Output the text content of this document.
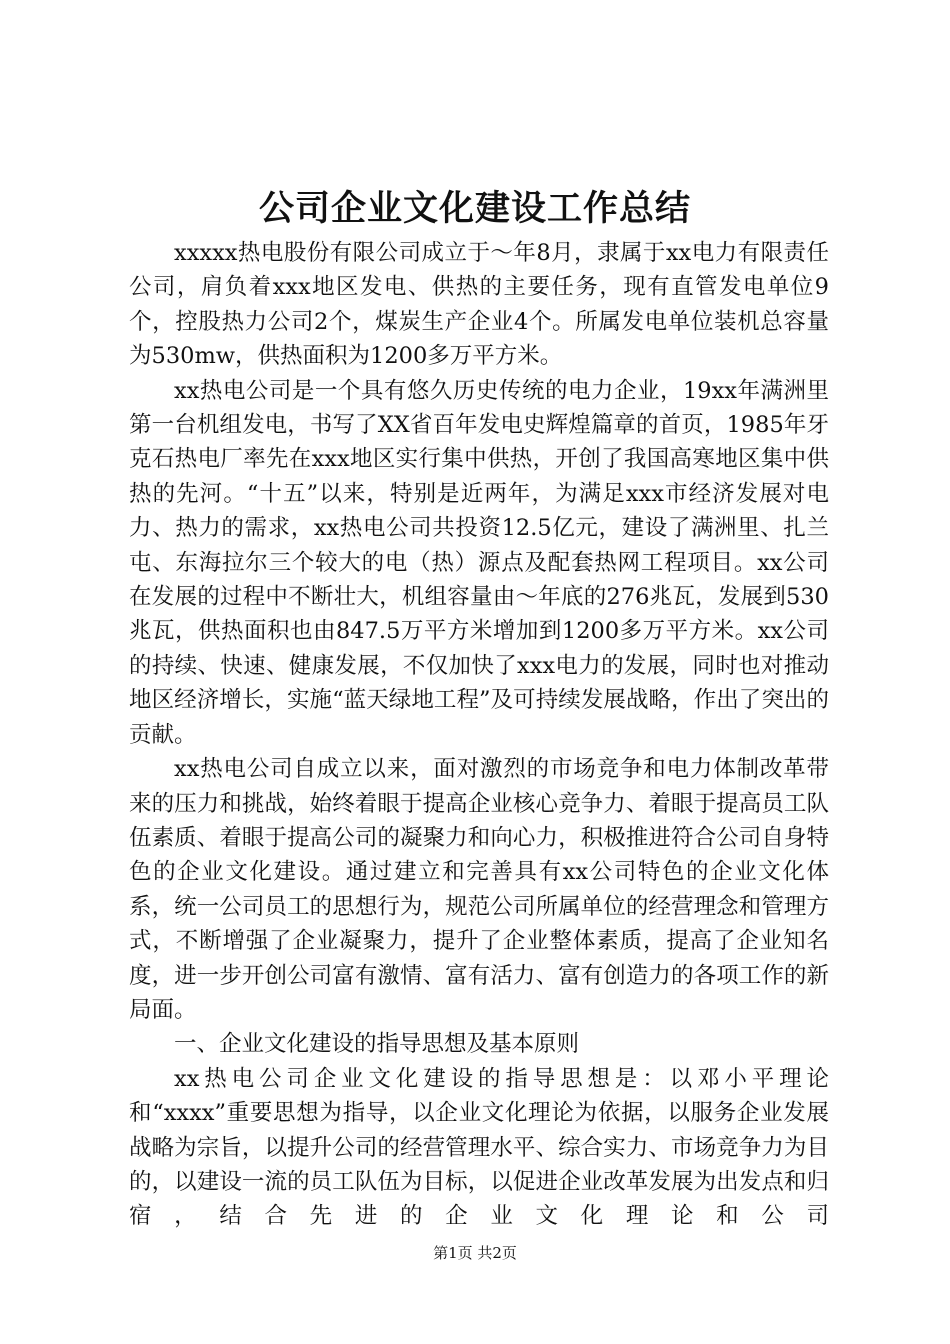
公司企业文化建设工作总结

xxxxx热电股份有限公司成立于～年8月，隶属于xx电力有限责任公司，肩负着xxx地区发电、供热的主要任务，现有直管发电单位9个，控股热力公司2个，煤炭生产企业4个。所属发电单位装机总容量为530mw，供热面积为1200多万平方米。

xx热电公司是一个具有悠久历史传统的电力企业，19xx年满洲里第一台机组发电，书写了XX省百年发电史辉煌篇章的首页，1985年牙克石热电厂率先在xxx地区实行集中供热，开创了我国高寒地区集中供热的先河。“十五”以来，特别是近两年，为满足xxx市经济发展对电力、热力的需求，xx热电公司共投资12.5亿元，建设了满洲里、扎兰屯、东海拉尔三个较大的电（热）源点及配套热网工程项目。xx公司在发展的过程中不断壮大，机组容量由～年底的276兆瓦，发展到530兆瓦，供热面积也由847.5万平方米增加到1200多万平方米。xx公司的持续、快速、健康发展，不仅加快了xxx电力的发展，同时也对推动地区经济增长，实施“蓝天绿地工程”及可持续发展战略，作出了突出的贡献。

xx热电公司自成立以来，面对激烈的市场竞争和电力体制改革带来的压力和挑战，始终着眼于提高企业核心竞争力、着眼于提高员工队伍素质、着眼于提高公司的凝聚力和向心力，积极推进符合公司自身特色的企业文化建设。通过建立和完善具有xx公司特色的企业文化体系，统一公司员工的思想行为，规范公司所属单位的经营理念和管理方式，不断增强了企业凝聚力，提升了企业整体素质，提高了企业知名度，进一步开创公司富有激情、富有活力、富有创造力的各项工作的新局面。

一、企业文化建设的指导思想及基本原则

xx热电公司企业文化建设的指导思想是：以邓小平理论和“xxxx”重要思想为指导，以企业文化理论为依据，以服务企业发展战略为宗旨，以提升公司的经营管理水平、综合实力、市场竞争力为目的，以建设一流的员工队伍为目标，以促进企业改革发展为出发点和归宿，结合先进的企业文化理论和公司

第1页 共2页
